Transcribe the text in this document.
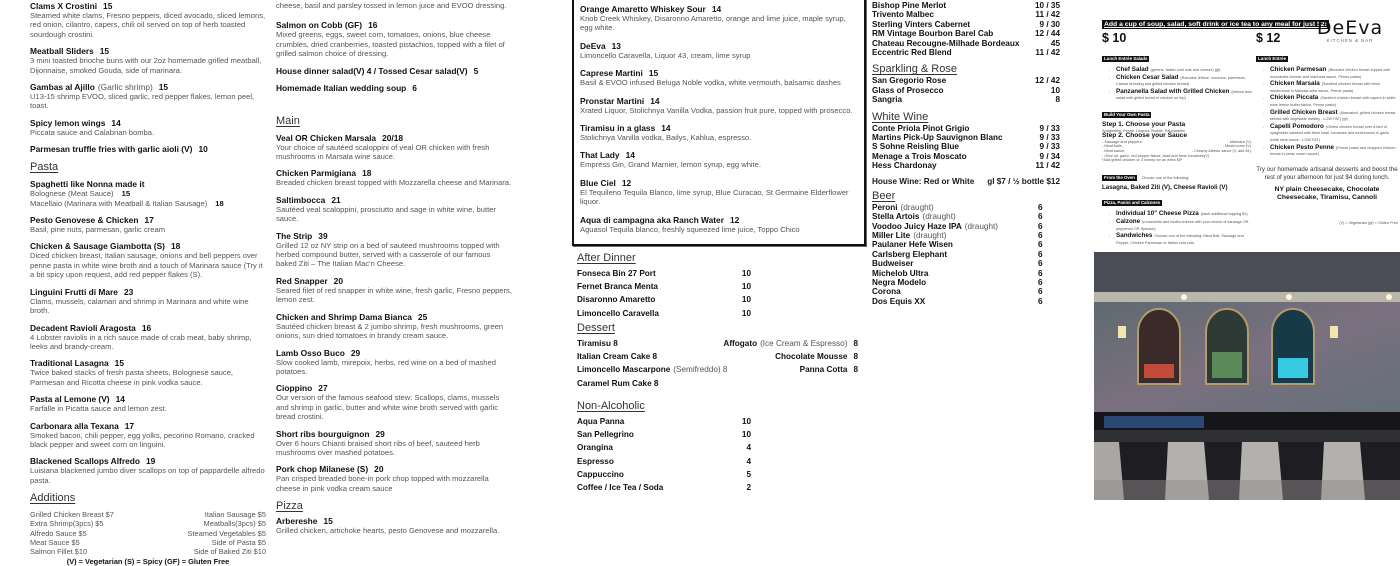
Clams X Crostini 15
Steamed white clams, Fresno peppers, diced avocado, sliced lemons, red onion, cilantro, capers, chili oil served on top of herb toasted sourdough crostini.
Meatball Sliders 15
3 mini toasted brioche buns with our 2oz homemade grilled meatball, Dijonnaise, smoked Gouda, side of marinara.
Gambas al Ajillo (Garlic shrimp) 15
U13-15 shrimp EVOO, sliced garlic, red pepper flakes, lemon peel, toast.
Spicy lemon wings 14
Piccata sauce and Calabrian bomba.
Parmesan truffle fries with garlic aioli (V) 10
Pasta
Spaghetti like Nonna made it
Bolognese (Meat Sauce) 15
Macellaio (Marinara with Meatball & Italian Sausage) 18
Pesto Genovese & Chicken 17
Basil, pine nuts, parmesan, garlic cream
Chicken & Sausage Giambotta (S) 18
Diced chicken breast, Italian sausage, onions and bell peppers over penne pasta in white wine broth and a touch of Marinara sauce (Try it a bit spicy upon request, add red pepper flakes (S).
Linguini Frutti di Mare 23
Clams, mussels, calamari and shrimp in Marinara and white wine broth.
Decadent Ravioli Aragosta 16
4 Lobster raviolis in a rich sauce made of crab meat, baby shrimp, leeks and brandy-cream.
Traditional Lasagna 15
Twice baked stacks of fresh pasta sheets, Bolognese sauce, Parmesan and Ricotta cheese in pink vodka sauce.
Pasta al Lemone (V) 14
Farfalle in Picatta sauce and lemon zest.
Carbonara alla Texana 17
Smoked bacon, chili pepper, egg yolks, pecorino Romano, cracked black pepper and sweet corn on linguini.
Blackened Scallops Alfredo 19
Luisiana blackened jumbo diver scallops on top of pappardelle alfredo pasta.
Additions
Grilled Chicken Breast $7	Italian Sausage $5
Extra Shrimp(3pcs) $5	Meatballs(3pcs) $5
Alfredo Sauce $5	Steamed Vegetables $5
Meat Sauce $5	Side of Pasta $5
Salmon Fillet $10	Side of Baked Ziti $10
(V) = Vegetarian (S) = Spicy (GF) = Gluten Free
cheese, basil and parsley tossed in lemon juice and EVOO dressing.
Salmon on Cobb (GF) 16
Mixed greens, eggs, sweet corn, tomatoes, onions, blue cheese crumbles, dried cranberries, toasted pistachios, topped with a filet of grilled salmon choice of dressing.
House dinner salad(V) 4 / Tossed Cesar salad(V) 5
Homemade Italian wedding soup 6
Main
Veal OR Chicken Marsala 20/18
Your choice of sautéed scaloppini of veal OR chicken with fresh mushrooms in Marsala wine sauce.
Chicken Parmigiana 18
Breaded chicken breast topped with Mozzarella cheese and Marinara.
Saltimbocca 21
Sautéed veal scaloppini, prosciutto and sage in white wine, butter sauce.
The Strip 39
Grilled 12 oz NY strip on a bed of sauteed mushrooms topped with herbed compound butter, served with a casserole of our famous baked Ziti – The Italian Mac'n Cheese.
Red Snapper 20
Seared filet of red snapper in white wine, fresh garlic, Fresno peppers, lemon zest.
Chicken and Shrimp Dama Bianca 25
Sautéed chicken breast & 2 jumbo shrimp, fresh mushrooms, green onions, sun dried tomatoes in brandy cream sauce.
Lamb Osso Buco 29
Slow cooked lamb, mirepoix, herbs, red wine on a bed of mashed potatoes.
Cioppino 27
Our version of the famous seafood stew: Scallops, clams, mussels and shrimp in garlic, butter and white wine broth served with garlic bread crostini.
Short ribs bourguignon 29
Over 6 hours Chianti braised short ribs of beef, sauteed herb mushrooms over mashed potatoes.
Pork chop Milanese (S) 20
Pan crisped breaded bone-in pork chop topped with mozzarella cheese in pink vodka cream sauce
Pizza
Arbereshe 15
Grilled chicken, artichoke hearts, pesto Genovese and mozzarella.
Orange Amaretto Whiskey Sour 14
Knob Creek Whiskey, Disaronno Amaretto, orange and lime juice, maple syrup, egg white.
DeEva 13
Limoncello Caravella, Liquor 43, cream, lime syrup
Caprese Martini 15
Basil & EVOO infused Beluga Noble vodka, white vermouth, balsamic dashes
Pronstar Martini 14
Xrated Liquor, Stolichnya Vanilla Vodka, passion fruit pure, topped with prosecco.
Tiramisu in a glass 14
Stolichnya Vanilla vodka, Bailys, Kahlua, espresso.
That Lady 14
Empress Gin, Grand Marnier, lemon syrup, egg white.
Blue Ciel 12
El Tequileno Tequila Blanco, lime syrup, Blue Curacao, St Germaine Elderflower liquor.
Aqua di campagna aka Ranch Water 12
Aguasol Tequila blanco, freshly squeezed lime juice, Toppo Chico
After Dinner
Fonseca Bin 27 Port	10
Fernet Branca Menta	10
Disaronno Amaretto	10
Limoncello Caravella	10
Dessert
Tiramisu 8	Affogato (Ice Cream & Espresso) 8
Italian Cream Cake 8	Chocolate Mousse 8
Limoncello Mascarpone (Semifreddo) 8	Panna Cotta 8
Caramel Rum Cake 8
Non-Alcoholic
Aqua Panna	10
San Pellegrino	10
Orangina	4
Espresso	4
Cappuccino	5
Coffee / Ice Tea / Soda	2
Bishop Pine Merlot	10 / 35
Trivento Malbec	11 / 42
Sterling Vinters Cabernet	9 / 30
RM Vintage Bourbon Barel Cab	12 / 44
Chateau Recougne-Milhade Bordeaux	45
Eccentric Red Blend	11 / 42
Sparkling & Rose
San Gregorio Rose	12 / 42
Glass of Prosecco	10
Sangria	8
White Wine
Conte Priola Pinot Grigio	9 / 33
Martins Pick-Up Sauvignon Blanc	9 / 33
S Sohne Reisling Blue	9 / 33
Menage a Trois Moscato	9 / 34
Hess Chardonay	11 / 42
House Wine: Red or White gl $7 / ½ bottle $12
Beer
Peroni (draught)	6
Stella Artois (draught)	6
Voodoo Juicy Haze IPA (draught)	6
Miller Lite (draught)	6
Paulaner Hefe Wisen	6
Carlsberg Elephant	6
Budweiser	6
Michelob Ultra	6
Negra Modelo	6
Corona	6
Dos Equis XX	6
Add a cup of soup, salad, soft drink or ice tea to any meal for just $2!
$ 10	$ 12
Lunch Entrée Salads
- Chef Salad (greens, Italian cold cuts and cheese) (gf)
- Chicken Cesar Salad (Romaine lettuce, croutons, parmesan, Caesar dressing and grilled chicken breast)
- Panzanella Salad with Grilled Chicken (lettuce-less salad with grilled bread of chicken on top)
Build Your Own Pasta
Step 1. Choose your Pasta
Spaghettini, Penne, Linguini, Bowtie, Pappardelle
Step 2. Choose your Sauce
- Sausage and peppers.
- Meat balls.
- Meat sauce.
- Marinara (V).
- Mushrooms (V).
- Creamy Alfredo sauce (V, add $1).
- Olive oil, garlic, red pepper flakes, basil and fresh tomatoes(V)
*Add grilled chicken or 3 shrimp for an extra $5*
From the Oven Choose one of the following:
Lasagna, Baked Ziti (V), Cheese Ravioli (V)
Pizza, Panini and Calzones
- Individual 10" Cheese Pizza (each additional topping $1)
- Calzone (mozzarella and ricotta cheese with your choice of sausage OR pepperoni OR Spinach)
- Sandwiches Choose one of the following: Meat Ball, Sausage and Pepper, Chicken Parmesan or Italian cold cuts.
DeEva
KITCHEN & BAR
Lunch Entrée
- Chicken Parmesan (Breaded chicken breast topped with mozzarella cheese and marinara sauce, Penne pasta)
- Chicken Marsala (Sautéed chicken breast with fresh mushrooms in Marsala wine sauce, Penne pasta)
- Chicken Piccata (Sautéed chicken breast with capers in white wine lemon butter sauce, Penne pasta)
- Grilled Chicken Breast (Marinated, grilled chicken breast served with vegetable medley - LOW FAT) (gf)
- Capelli Pomodoro (Grilled chicken breast over a bed of spaghettini sautéed with fresh basil, tomatoes and mushrooms in garlic white wine sauce - LOW FAT)
- Chicken Pesto Penne (Penne pasta and chopped chicken breast in pesto cream sauce)
Try our homemade artisanal desserts and boost the rest of your afternoon for just $4 during lunch.
NY plain Cheesecake, Chocolate Cheesecake, Tiramisu, Cannoli
(V) = Vegetarian (gf) = Gluten Free
